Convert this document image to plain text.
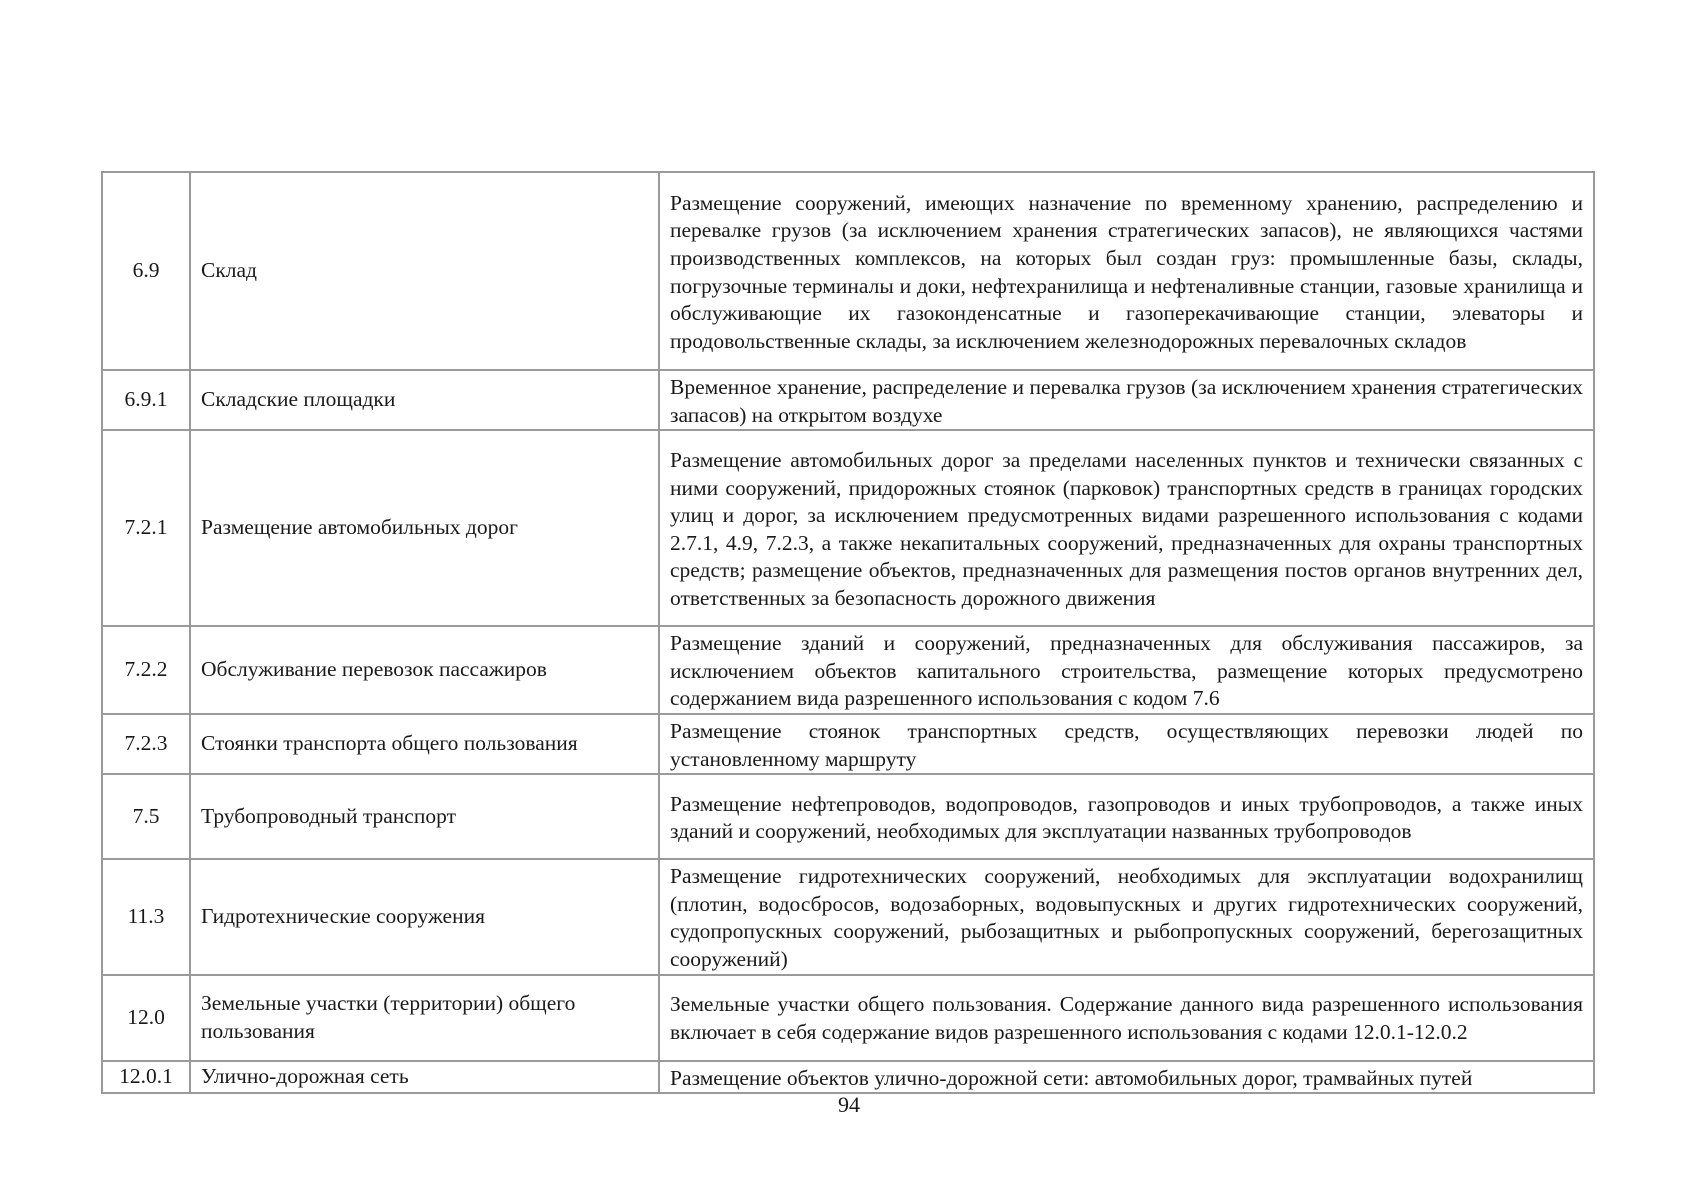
6.9	Склад	Размещение сооружений, имеющих назначение по временному хранению, распределению и перевалке грузов (за исключением хранения стратегических запасов), не являющихся частями производственных комплексов, на которых был создан груз: промышленные базы, склады, погрузочные терминалы и доки, нефтехранилища и нефтеналивные станции, газовые хранилища и обслуживающие их газоконденсатные и газоперекачивающие станции, элеваторы и продовольственные склады, за исключением железнодорожных перевалочных складов
6.9.1	Складские площадки	Временное хранение, распределение и перевалка грузов (за исключением хранения стратегических запасов) на открытом воздухе
7.2.1	Размещение автомобильных дорог	Размещение автомобильных дорог за пределами населенных пунктов и технически связанных с ними сооружений, придорожных стоянок (парковок) транспортных средств в границах городских улиц и дорог, за исключением предусмотренных видами разрешенного использования с кодами 2.7.1, 4.9, 7.2.3, а также некапитальных сооружений, предназначенных для охраны транспортных средств; размещение объектов, предназначенных для размещения постов органов внутренних дел, ответственных за безопасность дорожного движения
7.2.2	Обслуживание перевозок пассажиров	Размещение зданий и сооружений, предназначенных для обслуживания пассажиров, за исключением объектов капитального строительства, размещение которых предусмотрено содержанием вида разрешенного использования с кодом 7.6
7.2.3	Стоянки транспорта общего пользования	Размещение стоянок транспортных средств, осуществляющих перевозки людей по установленному маршруту
7.5	Трубопроводный транспорт	Размещение нефтепроводов, водопроводов, газопроводов и иных трубопроводов, а также иных зданий и сооружений, необходимых для эксплуатации названных трубопроводов
11.3	Гидротехнические сооружения	Размещение гидротехнических сооружений, необходимых для эксплуатации водохранилищ (плотин, водосбросов, водозаборных, водовыпускных и других гидротехнических сооружений, судопропускных сооружений, рыбозащитных и рыбопропускных сооружений, берегозащитных сооружений)
12.0	Земельные участки (территории) общего пользования	Земельные участки общего пользования. Содержание данного вида разрешенного использования включает в себя содержание видов разрешенного использования с кодами 12.0.1-12.0.2
12.0.1	Улично-дорожная сеть	Размещение объектов улично-дорожной сети: автомобильных дорог, трамвайных путей
94
